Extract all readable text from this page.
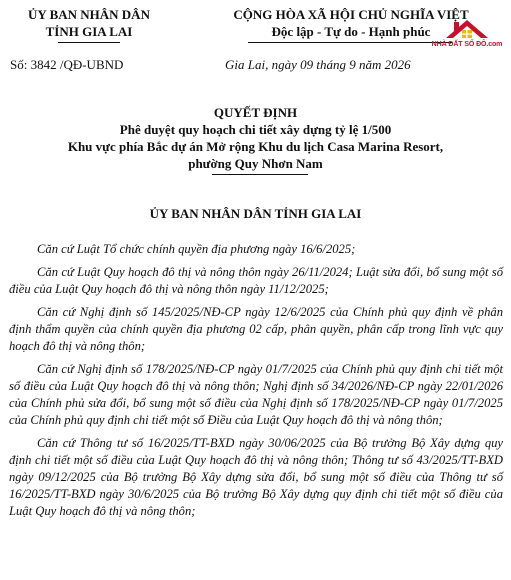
ỦY BAN NHÂN DÂN
TỈNH GIA LAI
CỘNG HÒA XÃ HỘI CHỦ NGHĨA VIỆT
Độc lập - Tự do - Hạnh phúc
NHÀ ĐẤT SỐ ĐÔ.com
Số: 3842 /QĐ-UBND	Gia Lai, ngày 09 tháng 9 năm 2026
QUYẾT ĐỊNH
Phê duyệt quy hoạch chi tiết xây dựng tỷ lệ 1/500
Khu vực phía Bắc dự án Mở rộng Khu du lịch Casa Marina Resort,
phường Quy Nhơn Nam
ỦY BAN NHÂN DÂN TỈNH GIA LAI

Căn cứ Luật Tổ chức chính quyền địa phương ngày 16/6/2025;

Căn cứ Luật Quy hoạch đô thị và nông thôn ngày 26/11/2024; Luật sửa đổi, bổ sung một số điều của Luật Quy hoạch đô thị và nông thôn ngày 11/12/2025;

Căn cứ Nghị định số 145/2025/NĐ-CP ngày 12/6/2025 của Chính phủ quy định về phân định thẩm quyền của chính quyền địa phương 02 cấp, phân quyền, phân cấp trong lĩnh vực quy hoạch đô thị và nông thôn;

Căn cứ Nghị định số 178/2025/NĐ-CP ngày 01/7/2025 của Chính phủ quy định chi tiết một số điều của Luật Quy hoạch đô thị và nông thôn; Nghị định số 34/2026/NĐ-CP ngày 22/01/2026 của Chính phủ sửa đổi, bổ sung một số điều của Nghị định số 178/2025/NĐ-CP ngày 01/7/2025 của Chính phủ quy định chi tiết một số Điều của Luật Quy hoạch đô thị và nông thôn;

Căn cứ Thông tư số 16/2025/TT-BXD ngày 30/06/2025 của Bộ trưởng Bộ Xây dựng quy định chi tiết một số điều của Luật Quy hoạch đô thị và nông thôn; Thông tư số 43/2025/TT-BXD ngày 09/12/2025 của Bộ trưởng Bộ Xây dựng sửa đổi, bổ sung một số điều của Thông tư số 16/2025/TT-BXD ngày 30/6/2025 của Bộ trưởng Bộ Xây dựng quy định chi tiết một số điều của Luật Quy hoạch đô thị và nông thôn;
